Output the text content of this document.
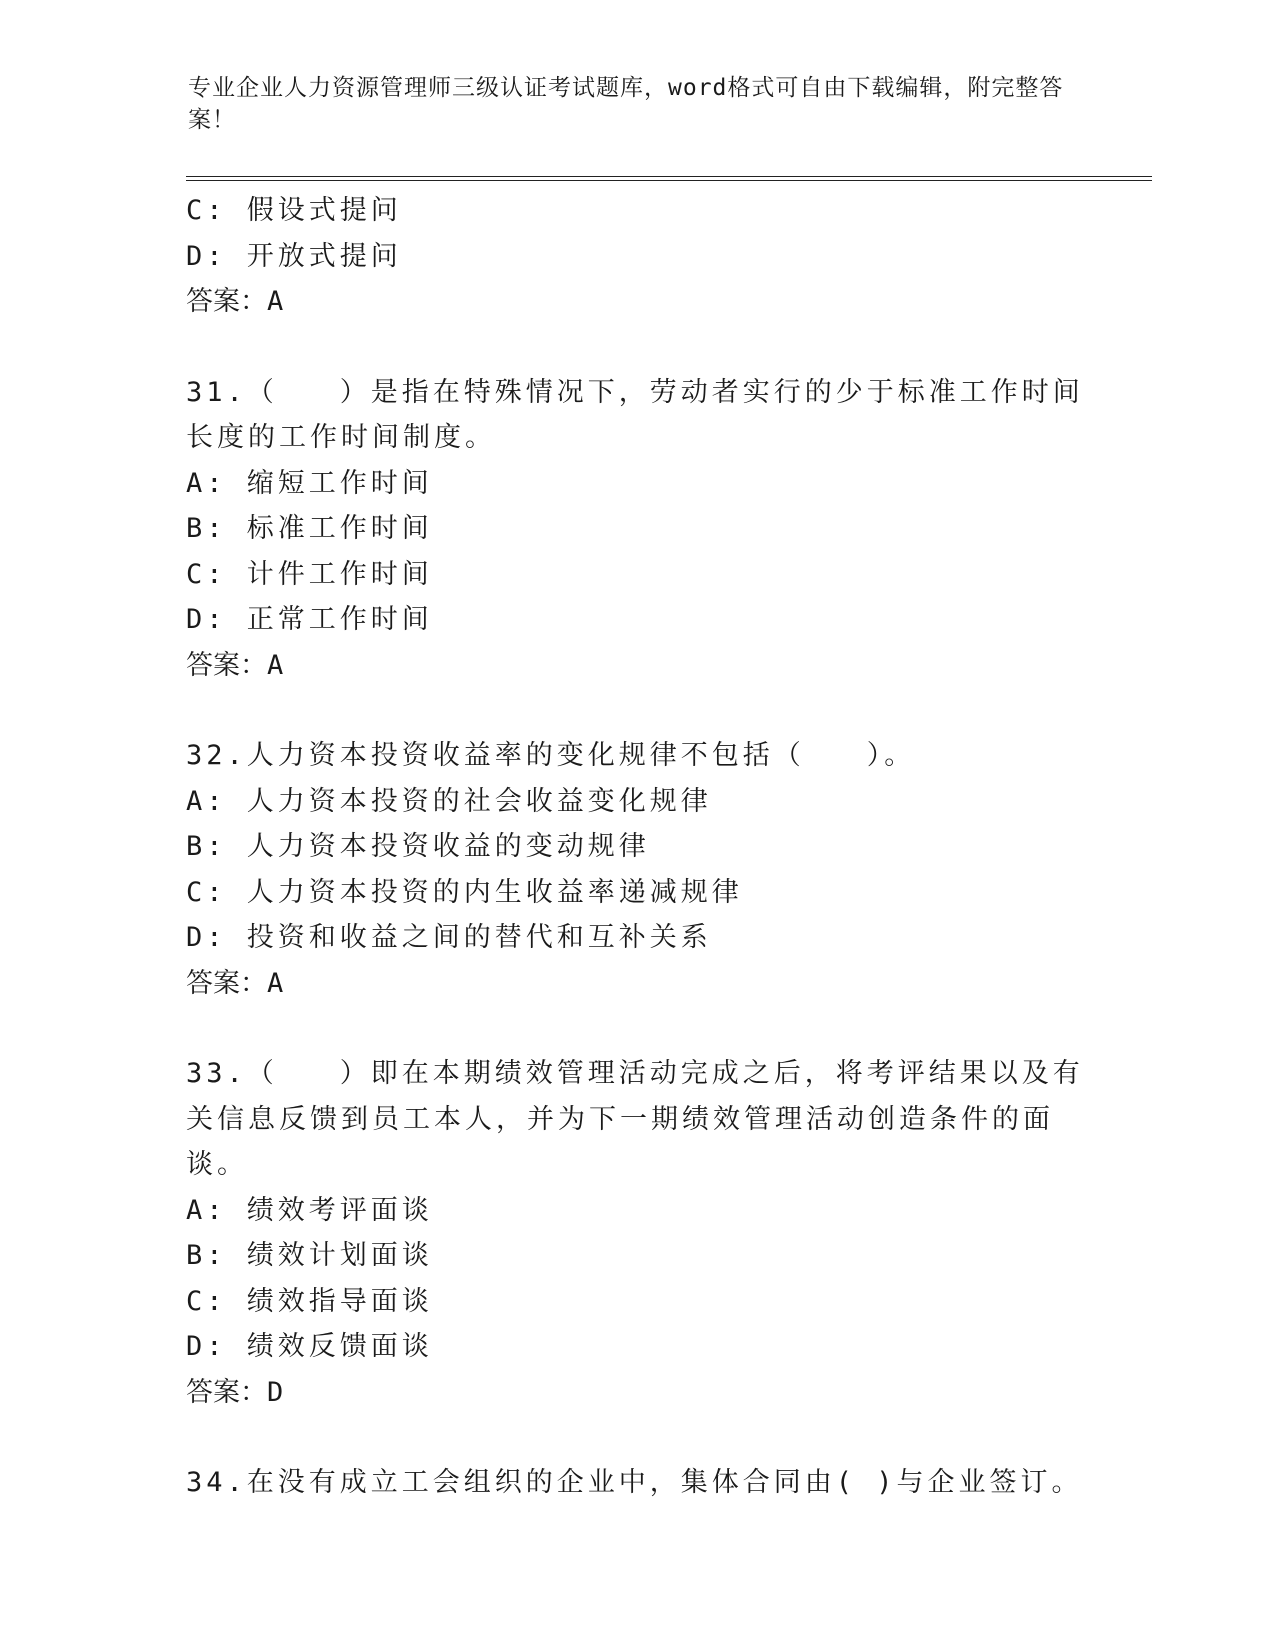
专业企业人力资源管理师三级认证考试题库，word格式可自由下载编辑，附完整答案！
C: 假设式提问
D: 开放式提问
答案：A
31.（　　）是指在特殊情况下，劳动者实行的少于标准工作时间长度的工作时间制度。
A: 缩短工作时间
B: 标准工作时间
C: 计件工作时间
D: 正常工作时间
答案：A
32.人力资本投资收益率的变化规律不包括（　　）。
A: 人力资本投资的社会收益变化规律
B: 人力资本投资收益的变动规律
C: 人力资本投资的内生收益率递减规律
D: 投资和收益之间的替代和互补关系
答案：A
33.（　　）即在本期绩效管理活动完成之后，将考评结果以及有关信息反馈到员工本人，并为下一期绩效管理活动创造条件的面谈。
A: 绩效考评面谈
B: 绩效计划面谈
C: 绩效指导面谈
D: 绩效反馈面谈
答案：D
34.在没有成立工会组织的企业中，集体合同由( )与企业签订。
